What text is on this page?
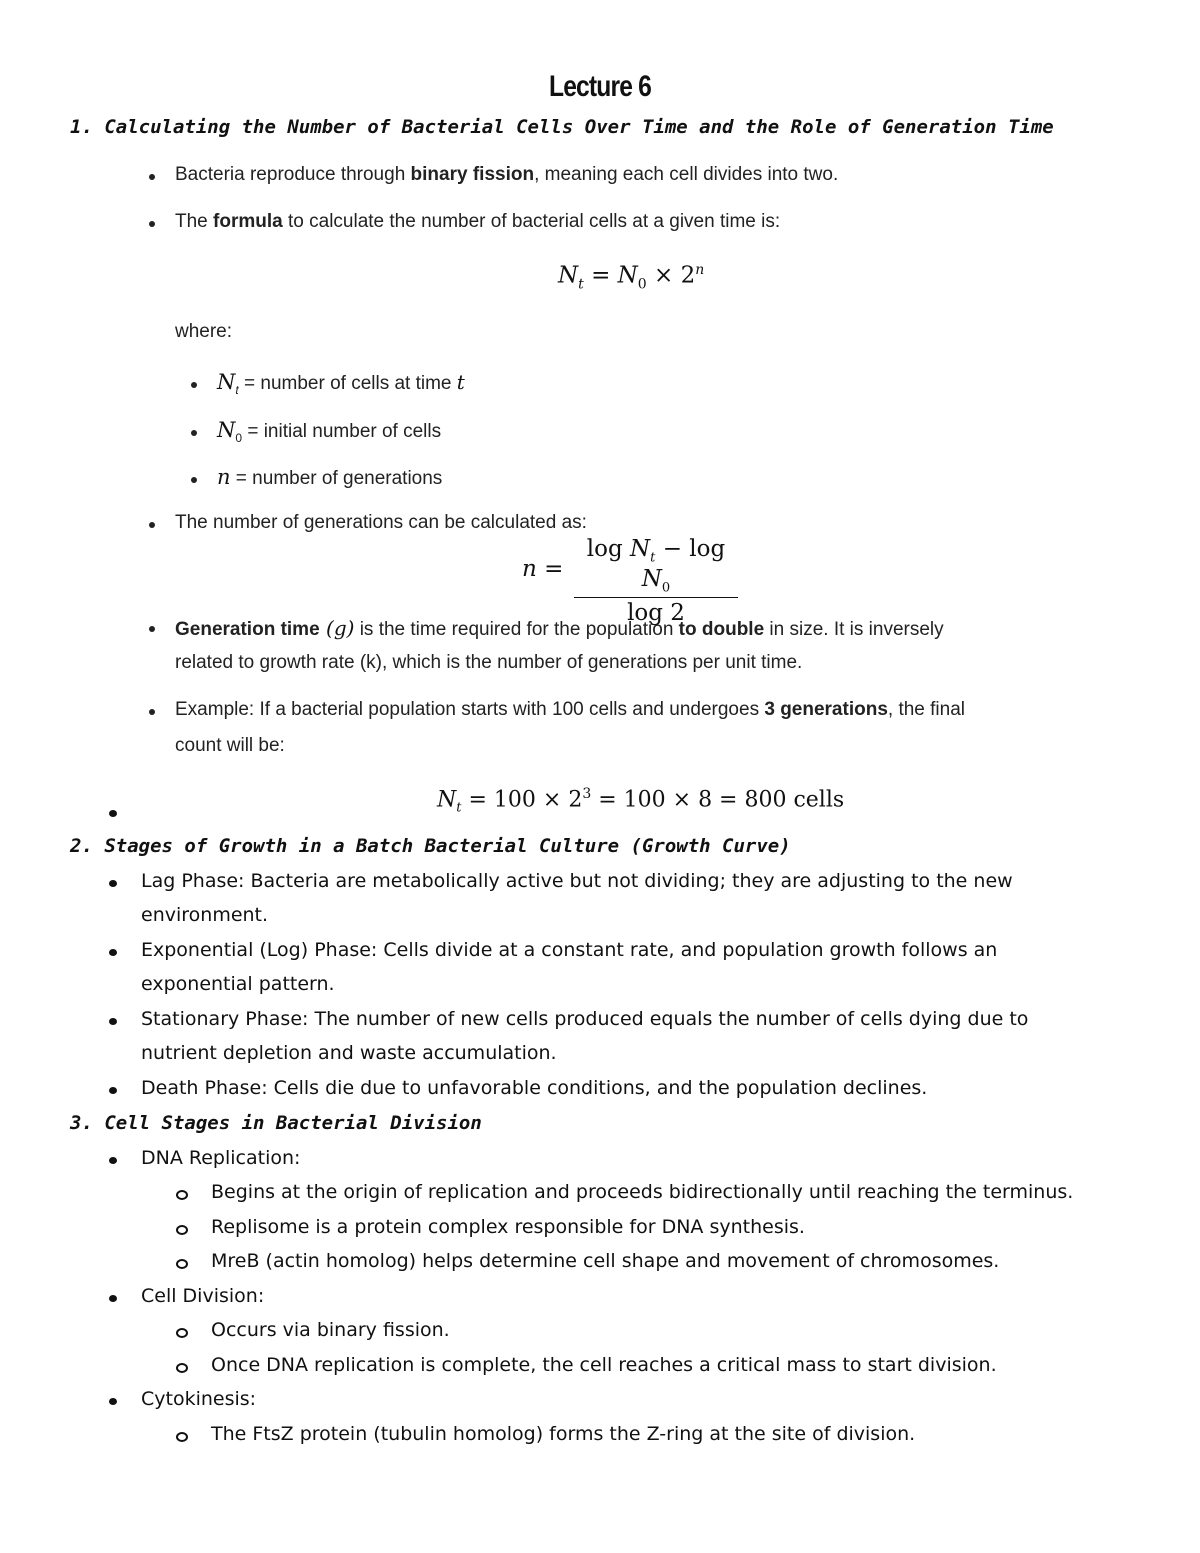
Lecture 6
1. Calculating the Number of Bacterial Cells Over Time and the Role of Generation Time
Bacteria reproduce through binary fission, meaning each cell divides into two.
The formula to calculate the number of bacterial cells at a given time is:
$N_t = N_0 \times 2^n$
where:
$N_t$ = number of cells at time t
$N_0$ = initial number of cells
n = number of generations
The number of generations can be calculated as:
$n = \frac{\log N_t - \log N_0}{\log 2}$
Generation time (g) is the time required for the population to double in size. It is inversely
related to growth rate (k), which is the number of generations per unit time.
Example: If a bacterial population starts with 100 cells and undergoes 3 generations, the final
count will be:
$N_t = 100 \times 2^3 = 100 \times 8 = 800$ cells
2. Stages of Growth in a Batch Bacterial Culture (Growth Curve)
Lag Phase: Bacteria are metabolically active but not dividing; they are adjusting to the new
environment.
Exponential (Log) Phase: Cells divide at a constant rate, and population growth follows an
exponential pattern.
Stationary Phase: The number of new cells produced equals the number of cells dying due to
nutrient depletion and waste accumulation.
Death Phase: Cells die due to unfavorable conditions, and the population declines.
3. Cell Stages in Bacterial Division
DNA Replication:
Begins at the origin of replication and proceeds bidirectionally until reaching the terminus.
Replisome is a protein complex responsible for DNA synthesis.
MreB (actin homolog) helps determine cell shape and movement of chromosomes.
Cell Division:
Occurs via binary fission.
Once DNA replication is complete, the cell reaches a critical mass to start division.
Cytokinesis:
The FtsZ protein (tubulin homolog) forms the Z-ring at the site of division.
